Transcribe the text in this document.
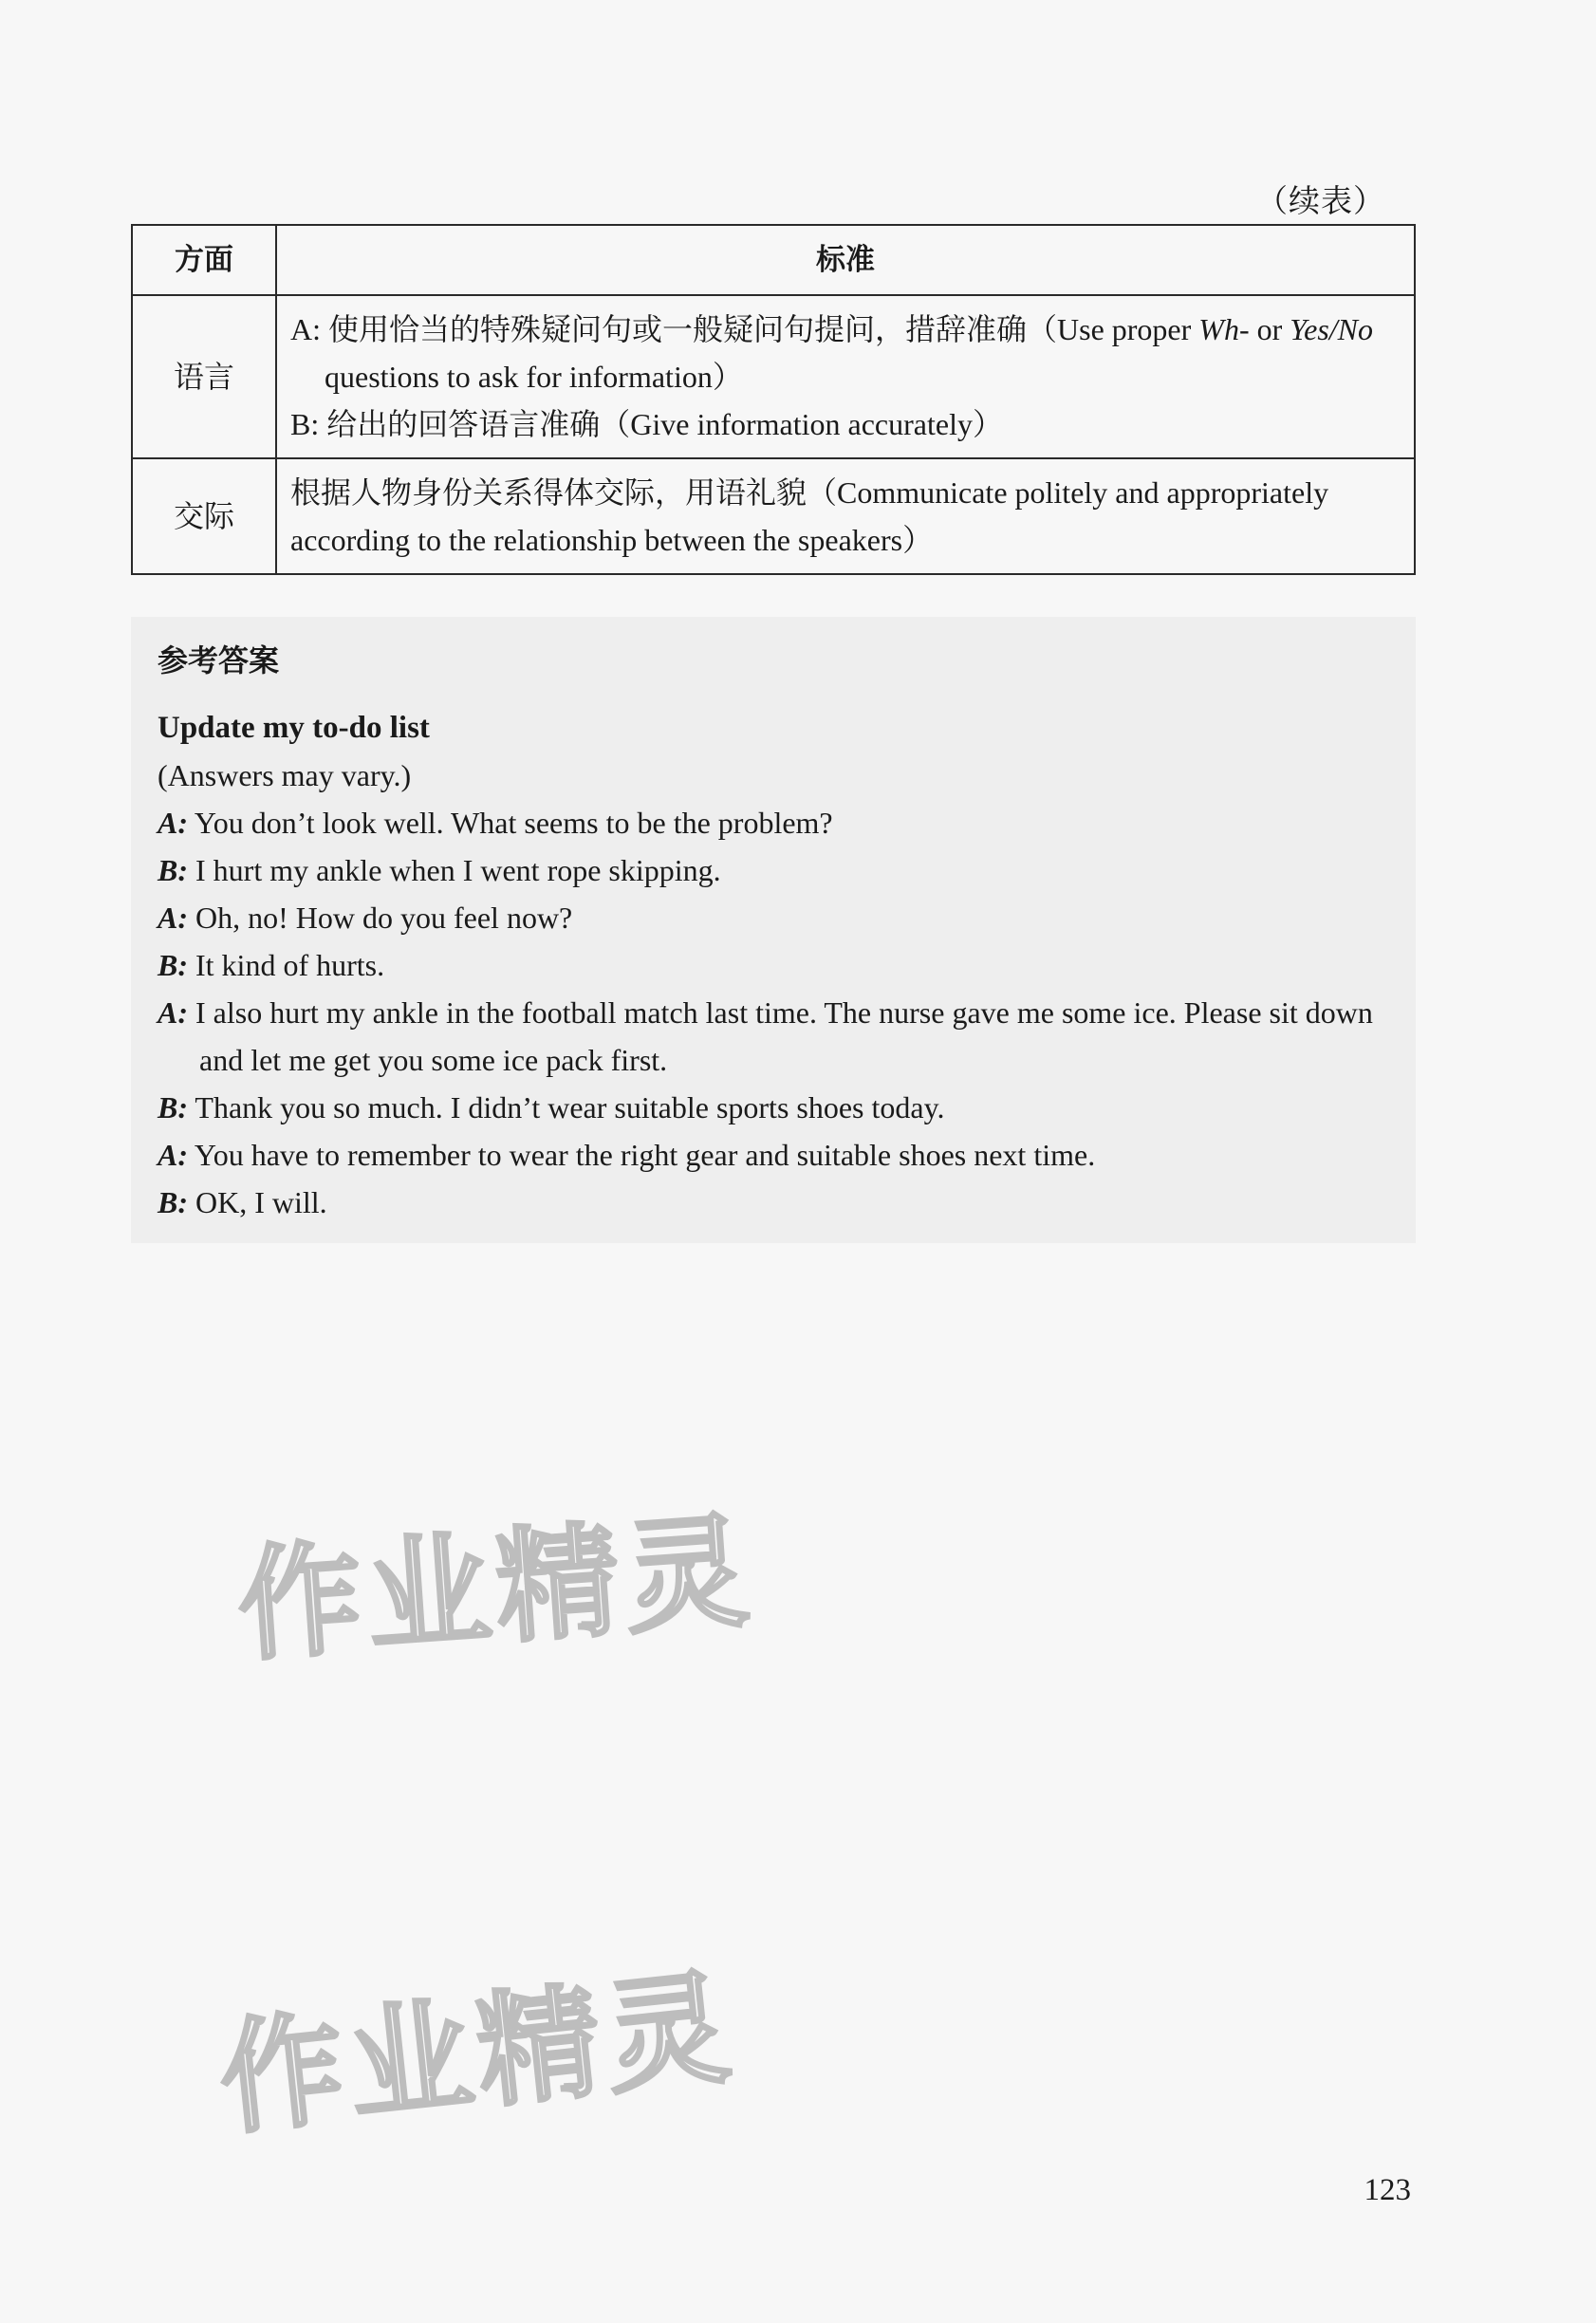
（续表）
方面	标准
语言	A: 使用恰当的特殊疑问句或一般疑问句提问，措辞准确（Use proper Wh- or Yes/No questions to ask for information）

B: 给出的回答语言准确（Give information accurately）

交际	根据人物身份关系得体交际，用语礼貌（Communicate politely and appropriately according to the relationship between the speakers）

参考答案

Update my to-do list

(Answers may vary.)

A: You don’t look well. What seems to be the problem?

B: I hurt my ankle when I went rope skipping.

A: Oh, no! How do you feel now?

B: It kind of hurts.

A: I also hurt my ankle in the football match last time. The nurse gave me some ice. Please sit down and let me get you some ice pack first.

B: Thank you so much. I didn’t wear suitable sports shoes today.

A: You have to remember to wear the right gear and suitable shoes next time.

B: OK, I will.

作业精灵
作业精灵
123
